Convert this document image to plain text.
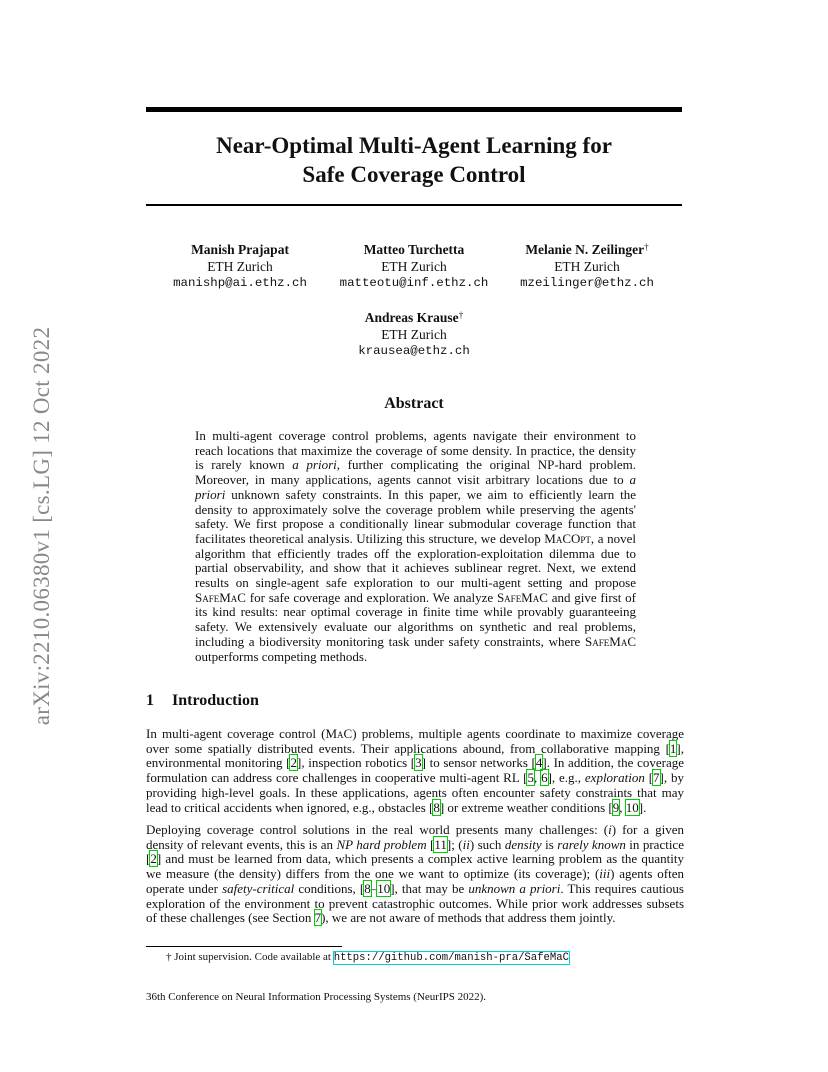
arXiv:2210.06380v1 [cs.LG] 12 Oct 2022
Near-Optimal Multi-Agent Learning for
Safe Coverage Control
Manish Prajapat
ETH Zurich
manishp@ai.ethz.ch
Matteo Turchetta
ETH Zurich
matteotu@inf.ethz.ch
Melanie N. Zeilinger†
ETH Zurich
mzeilinger@ethz.ch
Andreas Krause†
ETH Zurich
krausea@ethz.ch
Abstract
In multi-agent coverage control problems, agents navigate their environment to reach locations that maximize the coverage of some density. In practice, the density is rarely known a priori, further complicating the original NP-hard problem. Moreover, in many applications, agents cannot visit arbitrary locations due to a priori unknown safety constraints. In this paper, we aim to efficiently learn the density to approximately solve the coverage problem while preserving the agents' safety. We first propose a conditionally linear submodular coverage function that facilitates theoretical analysis. Utilizing this structure, we develop MaCOpt, a novel algorithm that efficiently trades off the exploration-exploitation dilemma due to partial observability, and show that it achieves sublinear regret. Next, we extend results on single-agent safe exploration to our multi-agent setting and propose SafeMaC for safe coverage and exploration. We analyze SafeMaC and give first of its kind results: near optimal coverage in finite time while provably guaranteeing safety. We extensively evaluate our algorithms on synthetic and real problems, including a biodiversity monitoring task under safety constraints, where SafeMaC outperforms competing methods.
1 Introduction
In multi-agent coverage control (MaC) problems, multiple agents coordinate to maximize coverage over some spatially distributed events. Their applications abound, from collaborative mapping [1], environmental monitoring [2], inspection robotics [3] to sensor networks [4]. In addition, the coverage formulation can address core challenges in cooperative multi-agent RL [5, 6], e.g., exploration [7], by providing high-level goals. In these applications, agents often encounter safety constraints that may lead to critical accidents when ignored, e.g., obstacles [8] or extreme weather conditions [9, 10].
Deploying coverage control solutions in the real world presents many challenges: (i) for a given density of relevant events, this is an NP hard problem [11]; (ii) such density is rarely known in practice [2] and must be learned from data, which presents a complex active learning problem as the quantity we measure (the density) differs from the one we want to optimize (its coverage); (iii) agents often operate under safety-critical conditions, [8–10], that may be unknown a priori. This requires cautious exploration of the environment to prevent catastrophic outcomes. While prior work addresses subsets of these challenges (see Section 7), we are not aware of methods that address them jointly.
† Joint supervision. Code available at https://github.com/manish-pra/SafeMaC
36th Conference on Neural Information Processing Systems (NeurIPS 2022).
